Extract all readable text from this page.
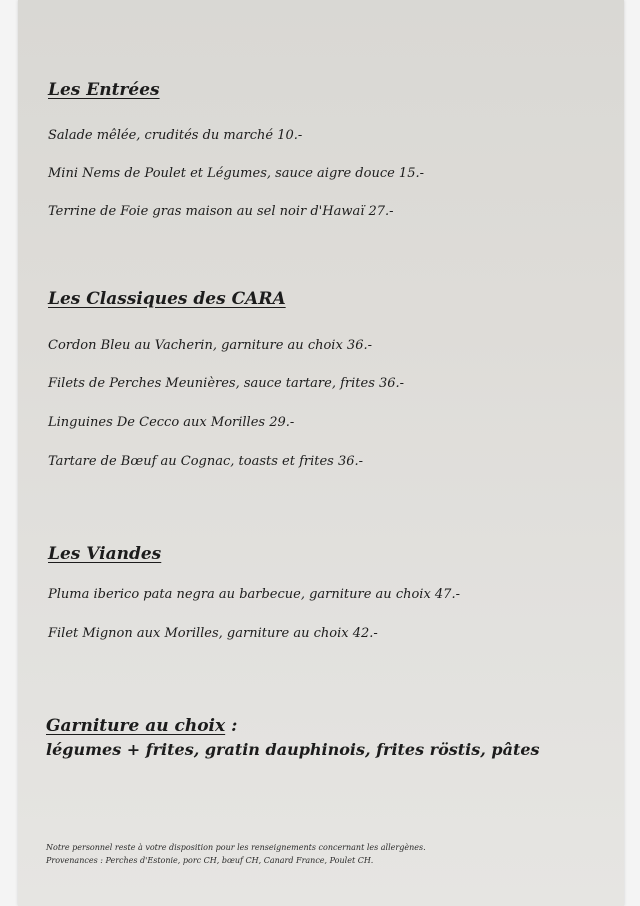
Les Entrées
Salade mêlée, crudités du marché 10.-
Mini Nems de Poulet et Légumes, sauce aigre douce 15.-
Terrine de Foie gras maison au sel noir d'Hawaï 27.-
Les Classiques des CARA
Cordon Bleu au Vacherin, garniture au choix 36.-
Filets de Perches Meunières, sauce tartare, frites 36.-
Linguines De Cecco aux Morilles 29.-
Tartare de Bœuf au Cognac, toasts et frites 36.-
Les Viandes
Pluma iberico pata negra au barbecue, garniture au choix 47.-
Filet Mignon aux Morilles, garniture au choix 42.-
Garniture au choix :
légumes + frites, gratin dauphinois, frites röstis, pâtes
Notre personnel reste à votre disposition pour les renseignements concernant les allergènes.
Provenances : Perches d'Estonie, porc CH, bœuf CH, Canard France, Poulet CH.
